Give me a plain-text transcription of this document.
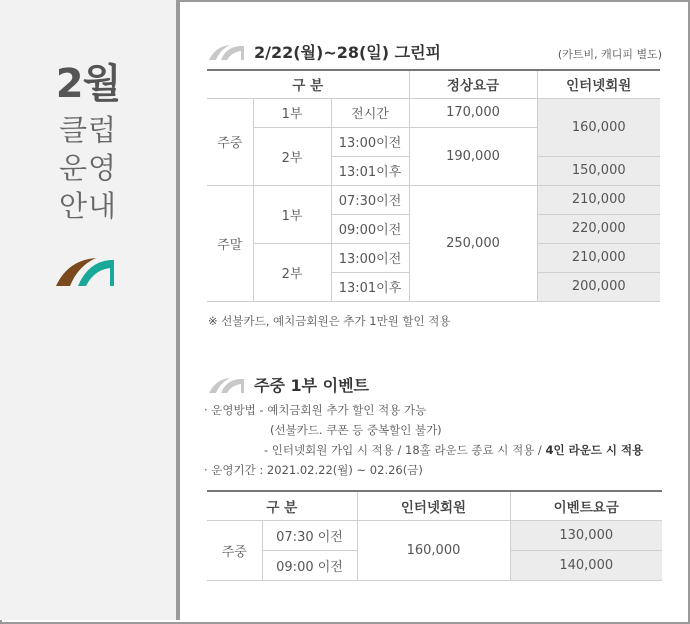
2월
클럽
운영
안내
2/22(월)~28(일) 그린피	(카트비, 캐디피 별도)
구 분			정상요금	인터넷회원
주중	1부	전시간	170,000	160,000
	2부	13:00이전	190,000	
		13:01이후		150,000
주말	1부	07:30이전	250,000	210,000
		09:00이전		220,000
	2부	13:00이전		210,000
		13:01이후		200,000
※ 선불카드, 예치금회원은 추가 1만원 할인 적용
주중 1부 이벤트
· 운영방법 - 예치금회원 추가 할인 적용 가능
(선불카드. 쿠폰 등 중복할인 불가)
- 인터넷회원 가입 시 적용 / 18홀 라운드 종료 시 적용 / 4인 라운드 시 적용
· 운영기간 : 2021.02.22(월) ~ 02.26(금)
구 분		인터넷회원	이벤트요금
주중	07:30 이전	160,000	130,000
	09:00 이전		140,000
